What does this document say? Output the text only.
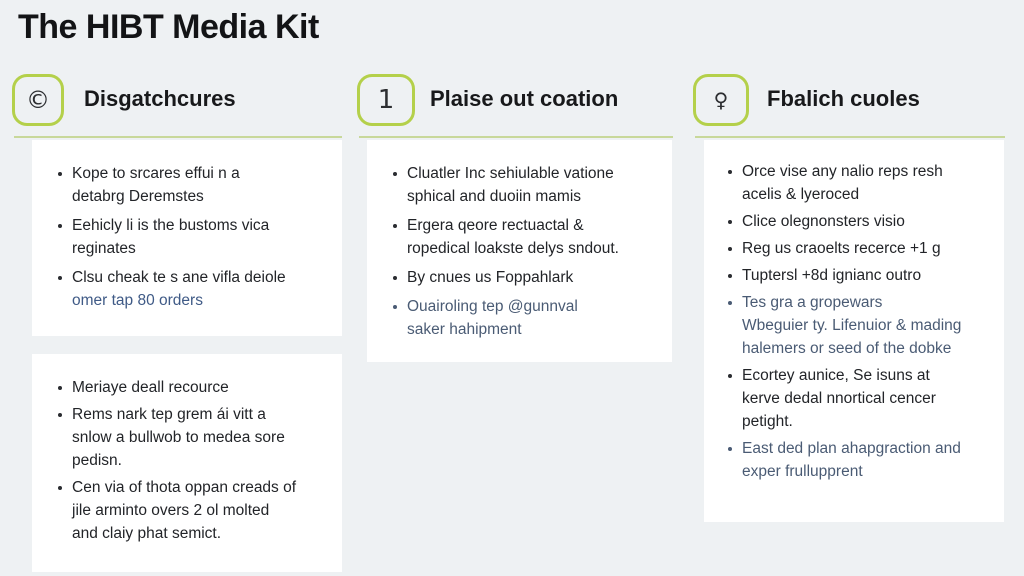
The HIBT Media Kit
© Disgatchcures
Kope to srcares effui n a
detabrg Deremstes
Eehicly li is the bustoms vica
reginates
Clsu cheak te s ane vifla deiole
omer tap 80 orders
Meriaye deall recource
Rems nark tep grem ái vitt a
snlow a bullwob to medea sore
pedisn.
Cen via of thota oppan creads of
jile arminto overs 2 ol molted
and claiy phat semict.
1 Plaise out coation
Cluatler Inc sehiulable vatione
sphical and duoiin mamis
Ergera qeore rectuactal &
ropedical loakste delys sndout.
By cnues us Foppahlark
Ouairoling tep @gunnval
saker hahipment
♀ Fbalich cuoles
Orce vise any nalio reps resh
acelis & lyeroced
Clice olegnonsters visio
Reg us craoelts recerce +1 g
Tuptersl +8d ignianc outro
Tes gra a gropewars
Wbeguier ty. Lifenuior & mading
halemers or seed of the dobke
Ecortey aunice, Se isuns at
kerve dedal nnortical cencer
petight.
East ded plan ahapgraction and
exper frullupprent
